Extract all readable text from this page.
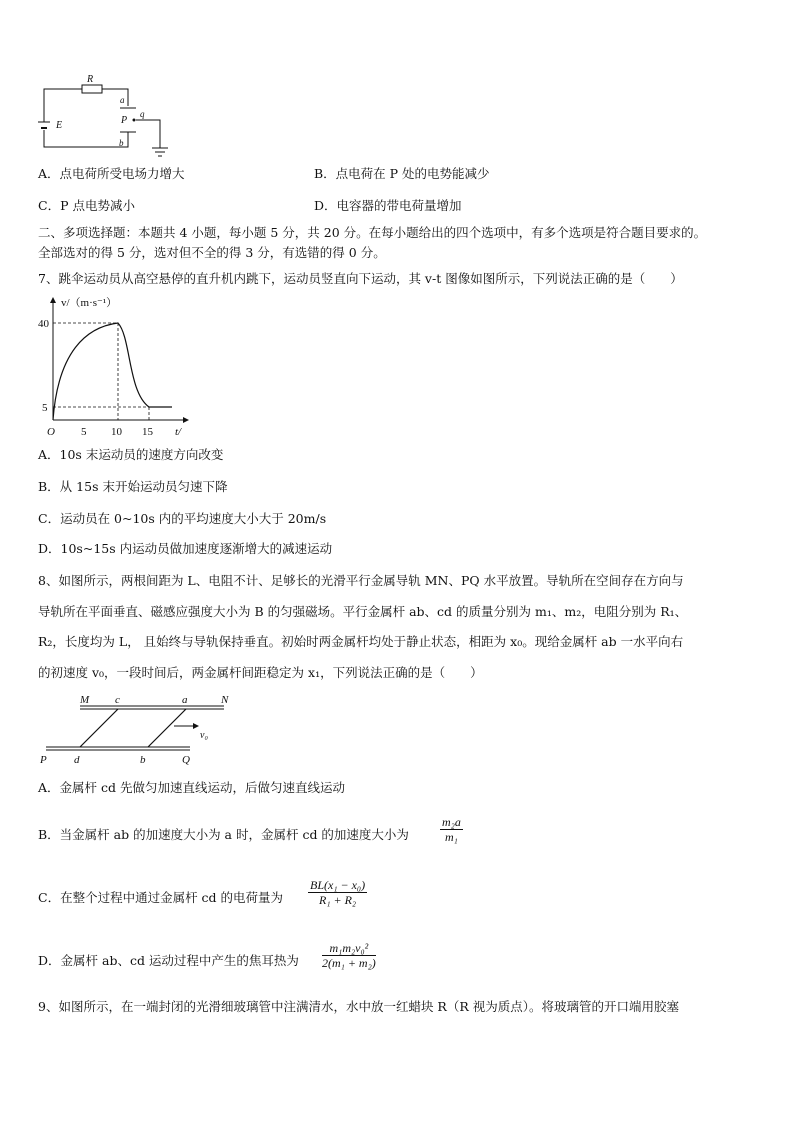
R
E
a
P
q
b
A．点电荷所受电场力增大	B．点电荷在 P 处的电势能减少
C．P 点电势减小	D．电容器的带电荷量增加
二、多项选择题：本题共 4 小题，每小题 5 分，共 20 分。在每小题给出的四个选项中，有多个选项是符合题目要求的。
全部选对的得 5 分，选对但不全的得 3 分，有选错的得 0 分。
7、跳伞运动员从高空悬停的直升机内跳下，运动员竖直向下运动，其 v-t 图像如图所示，下列说法正确的是（　　）
v/（m·s⁻¹）
40
5
O 5 10 15 t/
A．10s 末运动员的速度方向改变
B．从 15s 末开始运动员匀速下降
C．运动员在 0~10s 内的平均速度大小大于 20m/s
D．10s~15s 内运动员做加速度逐渐增大的减速运动
8、如图所示，两根间距为 L、电阻不计、足够长的光滑平行金属导轨 MN、PQ 水平放置。导轨所在空间存在方向与
导轨所在平面垂直、磁感应强度大小为 B 的匀强磁场。平行金属杆 ab、cd 的质量分别为 m₁、m₂，电阻分别为 R₁、
R₂，长度均为 L， 且始终与导轨保持垂直。初始时两金属杆均处于静止状态，相距为 x₀。现给金属杆 ab 一水平向右
的初速度 v₀，一段时间后，两金属杆间距稳定为 x₁，下列说法正确的是（　　）
M c	a	N
v₀
P d	b	Q
A．金属杆 cd 先做匀加速直线运动，后做匀速直线运动
B．当金属杆 ab 的加速度大小为 a 时，金属杆 cd 的加速度大小为	$\frac{\text{m₂a}}{\text{m₁}}$
C．在整个过程中通过金属杆 cd 的电荷量为 $\frac{\text{BL(x₁ − x₀)}}{\text{R₁ + R₂}}$
D．金属杆 ab、cd 运动过程中产生的焦耳热为 $\frac{\text{m₁m₂v₀²}}{\text{2(m₁ + m₂)}}$
9、如图所示，在一端封闭的光滑细玻璃管中注满清水，水中放一红蜡块 R（R 视为质点）。将玻璃管的开口端用胶塞
